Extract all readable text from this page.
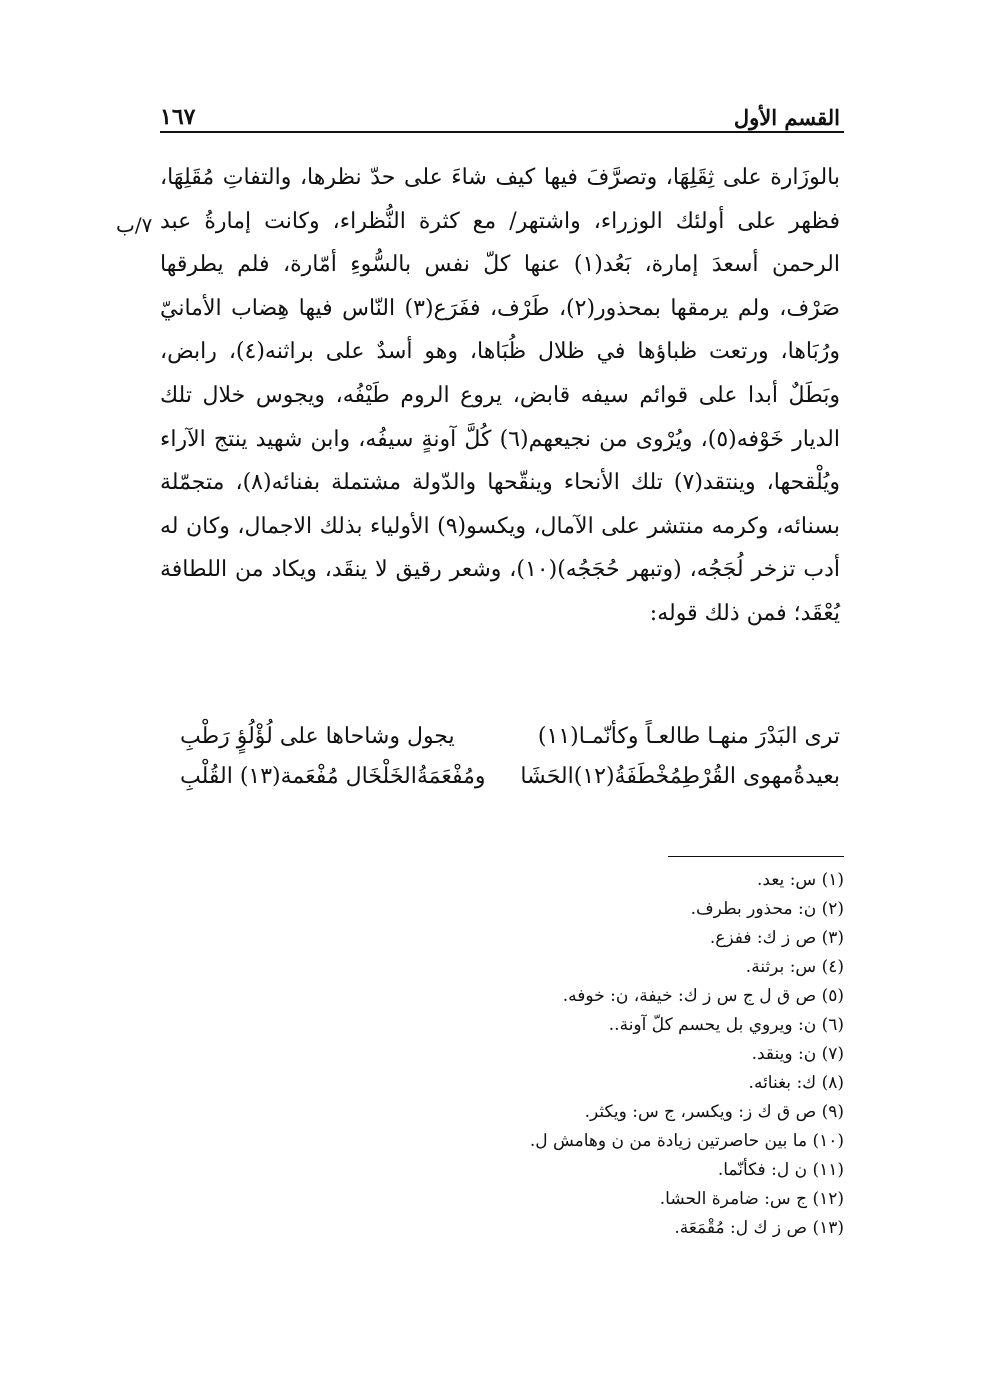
القسم الأول
١٦٧
٧/ب

بالوزَارة على ثِقَلِهَا، وتصرَّفَ فيها كيف شاءَ على حدّ نظرها، والتفاتِ مُقَلِهَا، فظهر على أولئك الوزراء، واشتهر/ مع كثرة النُّظراء، وكانت إمارةُ عبد الرحمن أسعدَ إمارة، بَعُد(١) عنها كلّ نفس بالسُّوءِ أمّارة، فلم يطرقها صَرْف، ولم يرمقها بمحذور(٢)، طَرْف، ففَرَع(٣) النّاس فيها هِضاب الأمانيّ ورُبَاها، ورتعت ظباؤها في ظلال ظُبَاها، وهو أسدٌ على براثنه(٤)، رابض، وبَطَلٌ أبدا على قوائم سيفه قابض، يروع الروم طَيْفُه، ويجوس خلال تلك الديار خَوْفه(٥)، ويُرْوى من نجيعهم(٦) كُلَّ آونةٍ سيفُه، وابن شهيد ينتج الآراء ويُلْقحها، وينتقد(٧) تلك الأنحاء وينقّحها والدّولة مشتملة بفنائه(٨)، متجمّلة بسنائه، وكرمه منتشر على الآمال، ويكسو(٩) الأولياء بذلك الاجمال، وكان له أدب تزخر لُجَجُه، (وتبهر حُجَجُه)(١٠)، وشعر رقيق لا ينقَد، ويكاد من اللطافة يُعْقَد؛ فمن ذلك قوله:

ترى البَدْرَ منهـا طالعـاً وكأنّمـا(١١)
يجول وشاحاها على لُؤْلُؤٍ رَطْبِ
بعيدةُمهوى القُرْطِمُخْطَفَةُ(١٢)الحَشَا
ومُفْعَمَةُالخَلْخَال مُفْعَمة(١٣) القُلْبِ

(١) س: يعد.

(٢) ن: محذور بطرف.

(٣) ص ز ك: ففزع.

(٤) س: برثنة.

(٥) ص ق ل ج س ز ك: خيفة، ن: خوفه.

(٦) ن: ويروي بل يحسم كلّ آونة..

(٧) ن: وينقد.

(٨) ك: بغنائه.

(٩) ص ق ك ز: ويكسر، ج س: ويكثر.

(١٠) ما بين حاصرتين زيادة من ن وهامش ل.

(١١) ن ل: فكأنّما.

(١٢) ج س: ضامرة الحشا.

(١٣) ص ز ك ل: مُقْمَعَة.
